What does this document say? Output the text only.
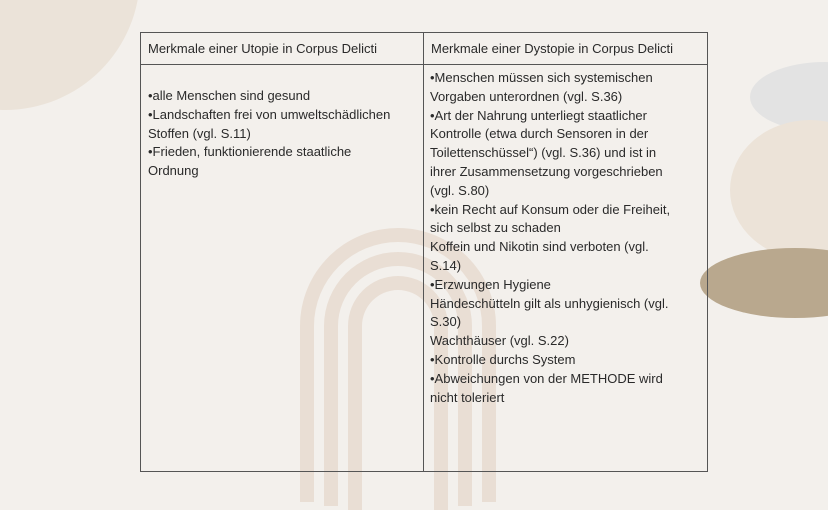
Merkmale einer Utopie in Corpus Delicti	Merkmale einer Dystopie in Corpus Delicti
•alle Menschen sind gesund
•Landschaften frei von umweltschädlichen
Stoffen (vgl. S.11)
•Frieden, funktionierende staatliche
Ordnung
•Menschen müssen sich systemischen
Vorgaben unterordnen (vgl. S.36)
•Art der Nahrung unterliegt staatlicher
Kontrolle (etwa durch Sensoren in der
Toilettenschüssel“) (vgl. S.36) und ist in
ihrer Zusammensetzung vorgeschrieben
(vgl. S.80)
•kein Recht auf Konsum oder die Freiheit,
sich selbst zu schaden
Koffein und Nikotin sind verboten (vgl.
S.14)
•Erzwungen Hygiene
Händeschütteln gilt als unhygienisch (vgl.
S.30)
Wachthäuser (vgl. S.22)
•Kontrolle durchs System
•Abweichungen von der METHODE wird
nicht toleriert
